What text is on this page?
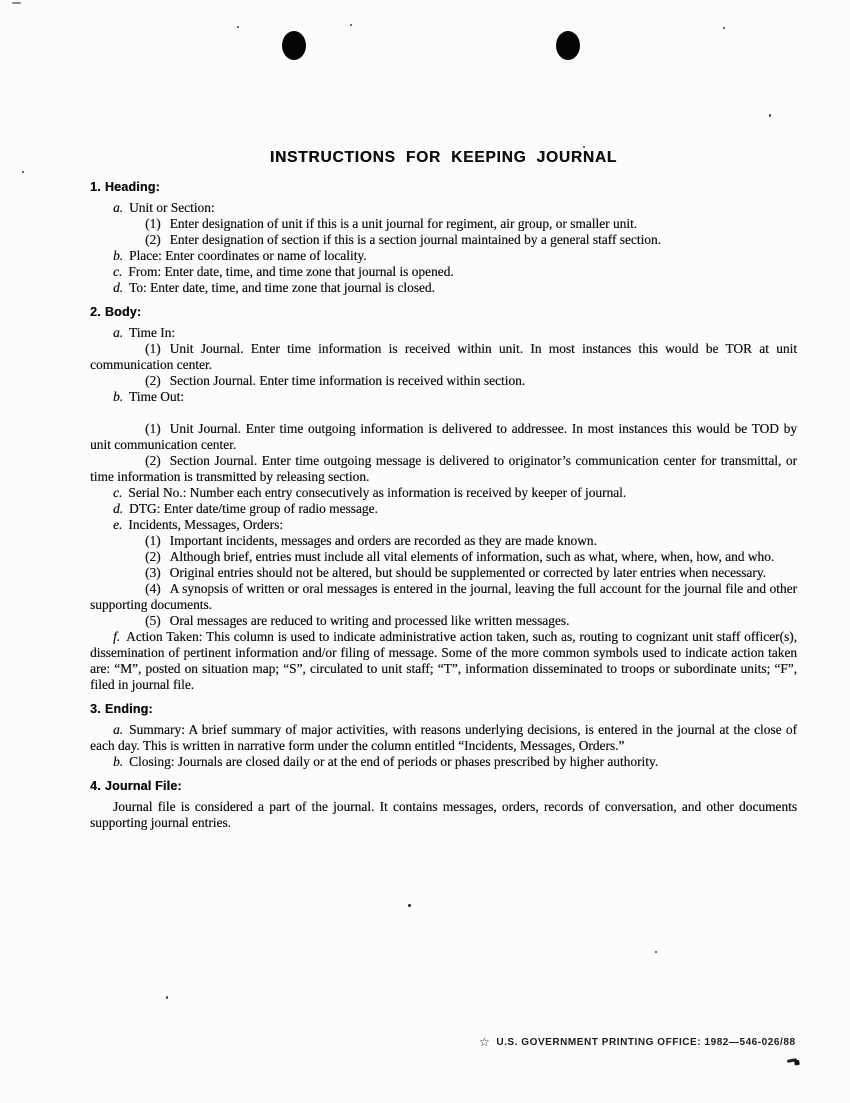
INSTRUCTIONS FOR KEEPING JOURNAL
1. Heading:

a. Unit or Section:

(1) Enter designation of unit if this is a unit journal for regiment, air group, or smaller unit.

(2) Enter designation of section if this is a section journal maintained by a general staff section.

b. Place: Enter coordinates or name of locality.

c. From: Enter date, time, and time zone that journal is opened.

d. To: Enter date, time, and time zone that journal is closed.

2. Body:

a. Time In:

(1) Unit Journal. Enter time information is received within unit. In most instances this would be TOR at unit communication center.

(2) Section Journal. Enter time information is received within section.

b. Time Out:

(1) Unit Journal. Enter time outgoing information is delivered to addressee. In most instances this would be TOD by unit communication center.

(2) Section Journal. Enter time outgoing message is delivered to originator’s communication center for transmittal, or time information is transmitted by releasing section.

c. Serial No.: Number each entry consecutively as information is received by keeper of journal.

d. DTG: Enter date/time group of radio message.

e. Incidents, Messages, Orders:

(1) Important incidents, messages and orders are recorded as they are made known.

(2) Although brief, entries must include all vital elements of information, such as what, where, when, how, and who.

(3) Original entries should not be altered, but should be supplemented or corrected by later entries when necessary.

(4) A synopsis of written or oral messages is entered in the journal, leaving the full account for the journal file and other supporting documents.

(5) Oral messages are reduced to writing and processed like written messages.

f. Action Taken: This column is used to indicate administrative action taken, such as, routing to cognizant unit staff officer(s), dissemination of pertinent information and/or filing of message. Some of the more common symbols used to indicate action taken are: “M”, posted on situation map; “S”, circulated to unit staff; “T”, information disseminated to troops or subordinate units; “F”, filed in journal file.

3. Ending:

a. Summary: A brief summary of major activities, with reasons underlying decisions, is entered in the journal at the close of each day. This is written in narrative form under the column entitled “Incidents, Messages, Orders.”

b. Closing: Journals are closed daily or at the end of periods or phases prescribed by higher authority.

4. Journal File:

Journal file is considered a part of the journal. It contains messages, orders, records of conversation, and other documents supporting journal entries.

☆ U.S. GOVERNMENT PRINTING OFFICE: 1982—546-026/88
